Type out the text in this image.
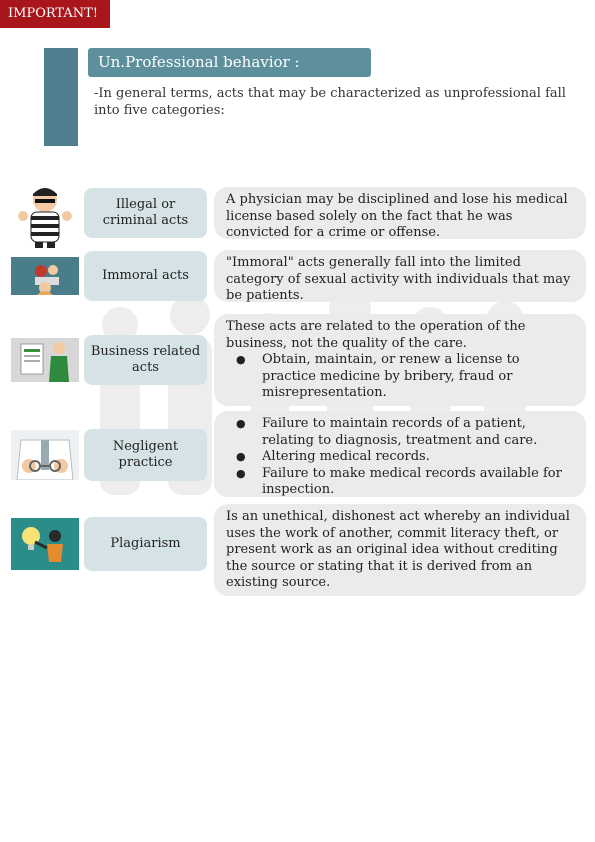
IMPORTANT!
Un.Professional behavior :
-In general terms, acts that may be characterized as unprofessional fall into five categories:
Illegal or criminal acts
A physician may be disciplined and lose his medical license based solely on the fact that he was convicted for a crime or offense.
Immoral acts
"Immoral" acts generally fall into the limited category of sexual activity with individuals that may be patients.
Business related acts
These acts are related to the operation of the business, not the quality of the care.
● Obtain, maintain, or renew a license to practice medicine by bribery, fraud or misrepresentation.
Negligent practice
● Failure to maintain records of a patient, relating to diagnosis, treatment and care.
● Altering medical records.
● Failure to make medical records available for inspection.
Plagiarism
Is an unethical, dishonest act whereby an individual uses the work of another, commit literacy theft, or present work as an original idea without crediting the source or stating that it is derived from an existing source.
